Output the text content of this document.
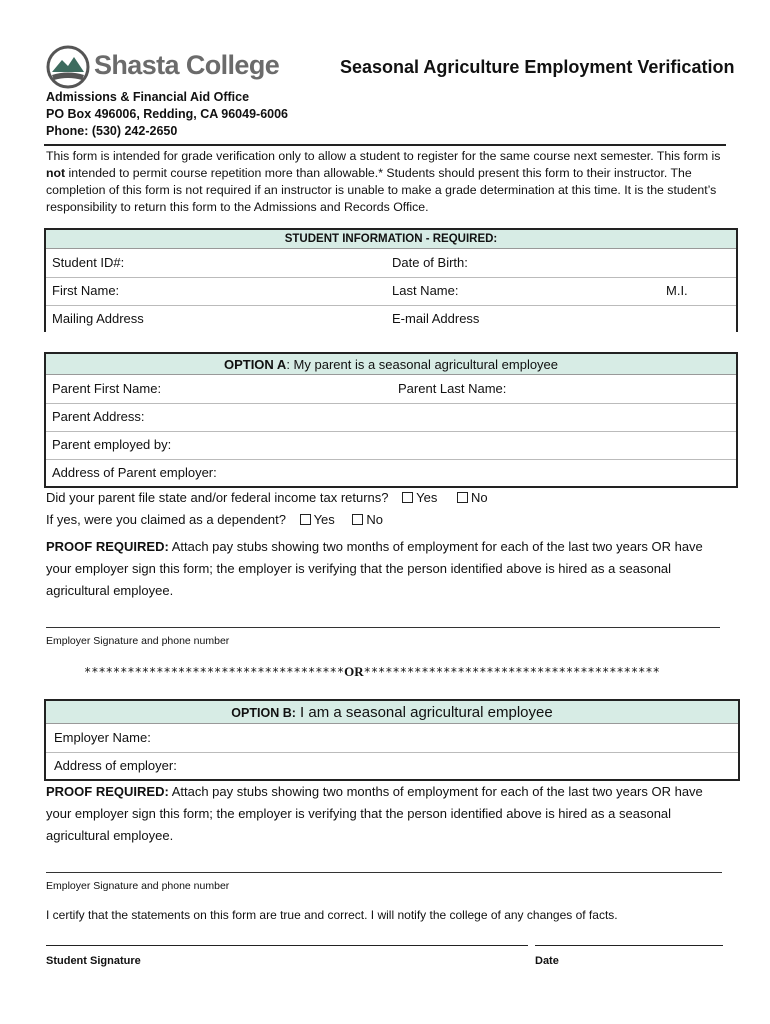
Shasta College	Seasonal Agriculture Employment Verification
Admissions & Financial Aid Office
PO Box 496006, Redding, CA 96049-6006
Phone: (530) 242-2650
This form is intended for grade verification only to allow a student to register for the same course next semester. This form is not intended to permit course repetition more than allowable.* Students should present this form to their instructor. The completion of this form is not required if an instructor is unable to make a grade determination at this time. It is the student’s responsibility to return this form to the Admissions and Records Office.
STUDENT INFORMATION - REQUIRED:
Student ID#:	Date of Birth:
First Name:	Last Name:	M.I.
Mailing Address	E-mail Address
OPTION A: My parent is a seasonal agricultural employee
Parent First Name:	Parent Last Name:
Parent Address:
Parent employed by:
Address of Parent employer:
Did your parent file state and/or federal income tax returns? Yes	No
If yes, were you claimed as a dependent? Yes No
PROOF REQUIRED: Attach pay stubs showing two months of employment for each of the last two years OR have your employer sign this form; the employer is verifying that the person identified above is hired as a seasonal agricultural employee.
Employer Signature and phone number
************************************OR*****************************************
OPTION B: I am a seasonal agricultural employee
Employer Name:
Address of employer:
PROOF REQUIRED: Attach pay stubs showing two months of employment for each of the last two years OR have your employer sign this form; the employer is verifying that the person identified above is hired as a seasonal agricultural employee.
Employer Signature and phone number
I certify that the statements on this form are true and correct. I will notify the college of any changes of facts.
Student Signature	Date
